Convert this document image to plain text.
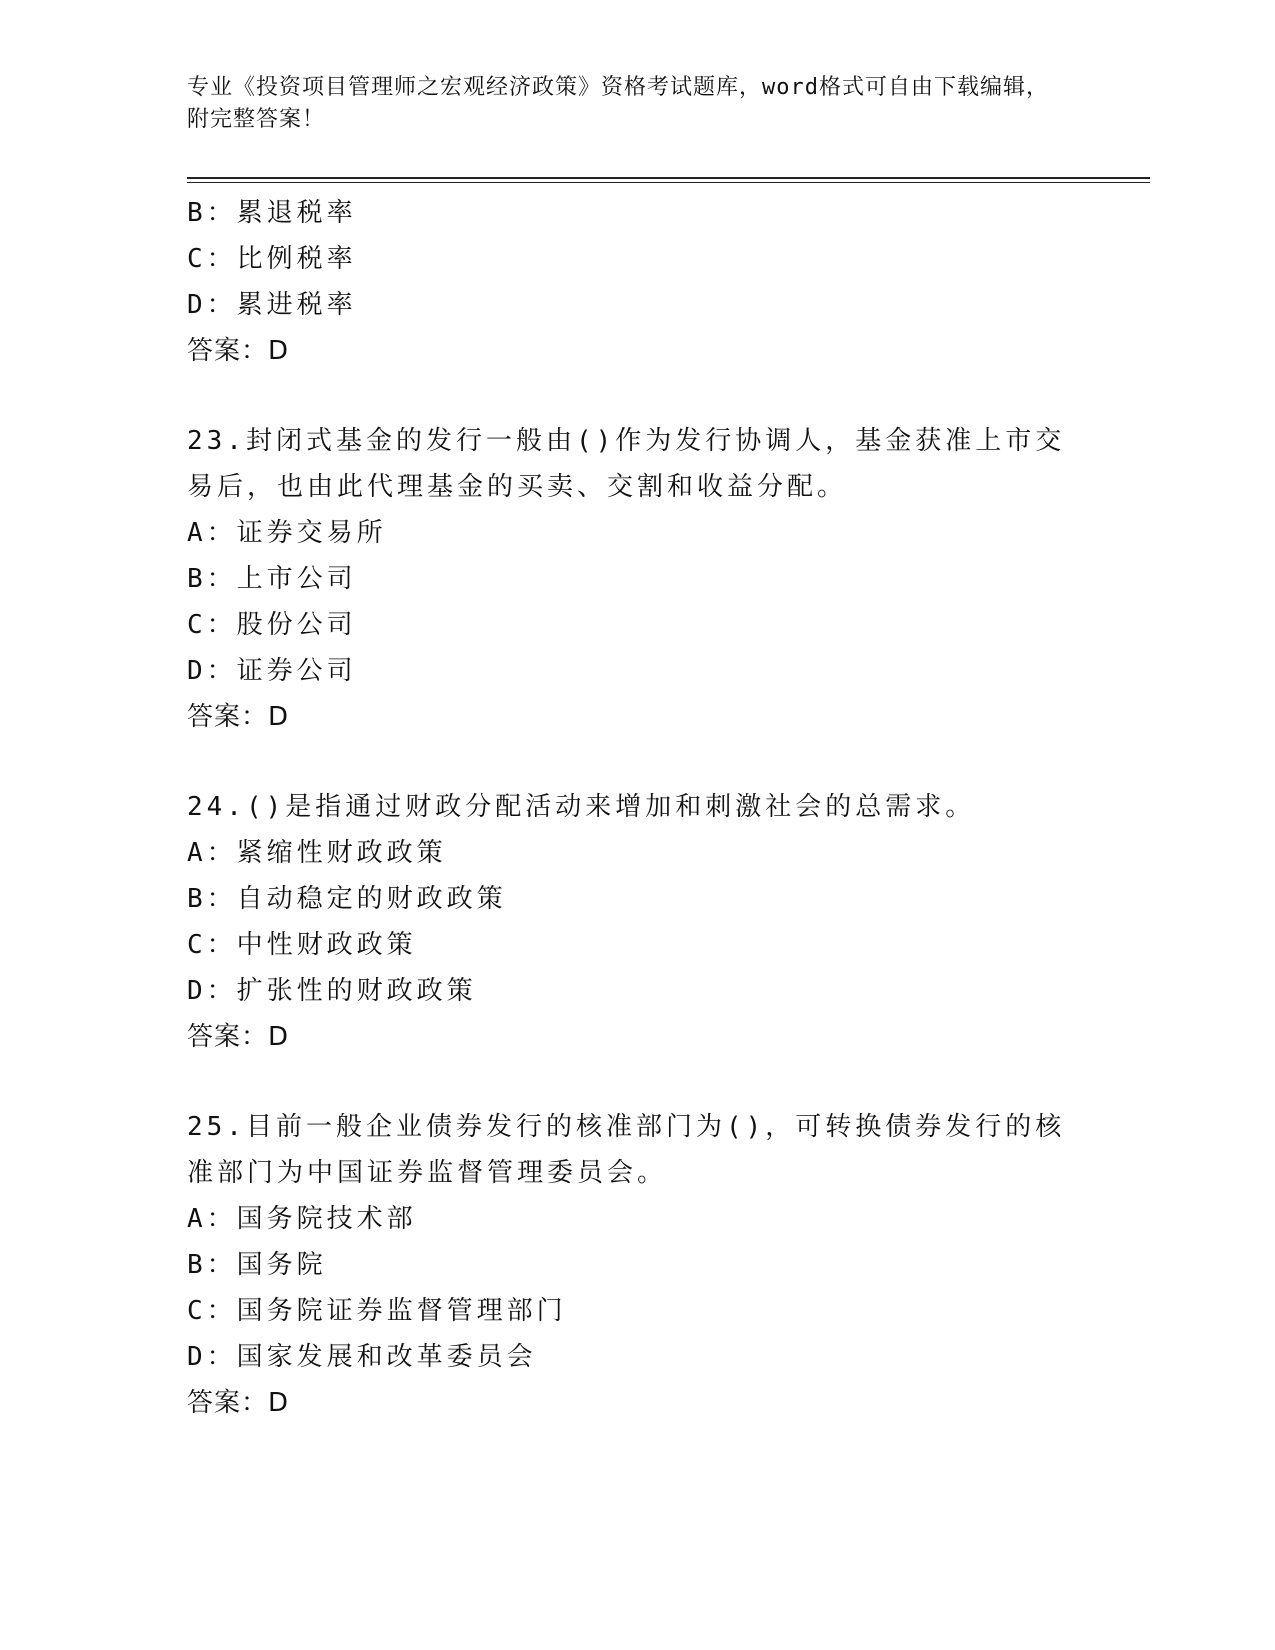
专业《投资项目管理师之宏观经济政策》资格考试题库，word格式可自由下载编辑，附完整答案！
B：累退税率
C：比例税率
D：累进税率
答案：D
23.封闭式基金的发行一般由()作为发行协调人，基金获准上市交易后，也由此代理基金的买卖、交割和收益分配。
A：证券交易所
B：上市公司
C：股份公司
D：证券公司
答案：D
24.()是指通过财政分配活动来增加和刺激社会的总需求。
A：紧缩性财政政策
B：自动稳定的财政政策
C：中性财政政策
D：扩张性的财政政策
答案：D
25.目前一般企业债券发行的核准部门为()，可转换债券发行的核准部门为中国证券监督管理委员会。
A：国务院技术部
B：国务院
C：国务院证券监督管理部门
D：国家发展和改革委员会
答案：D
